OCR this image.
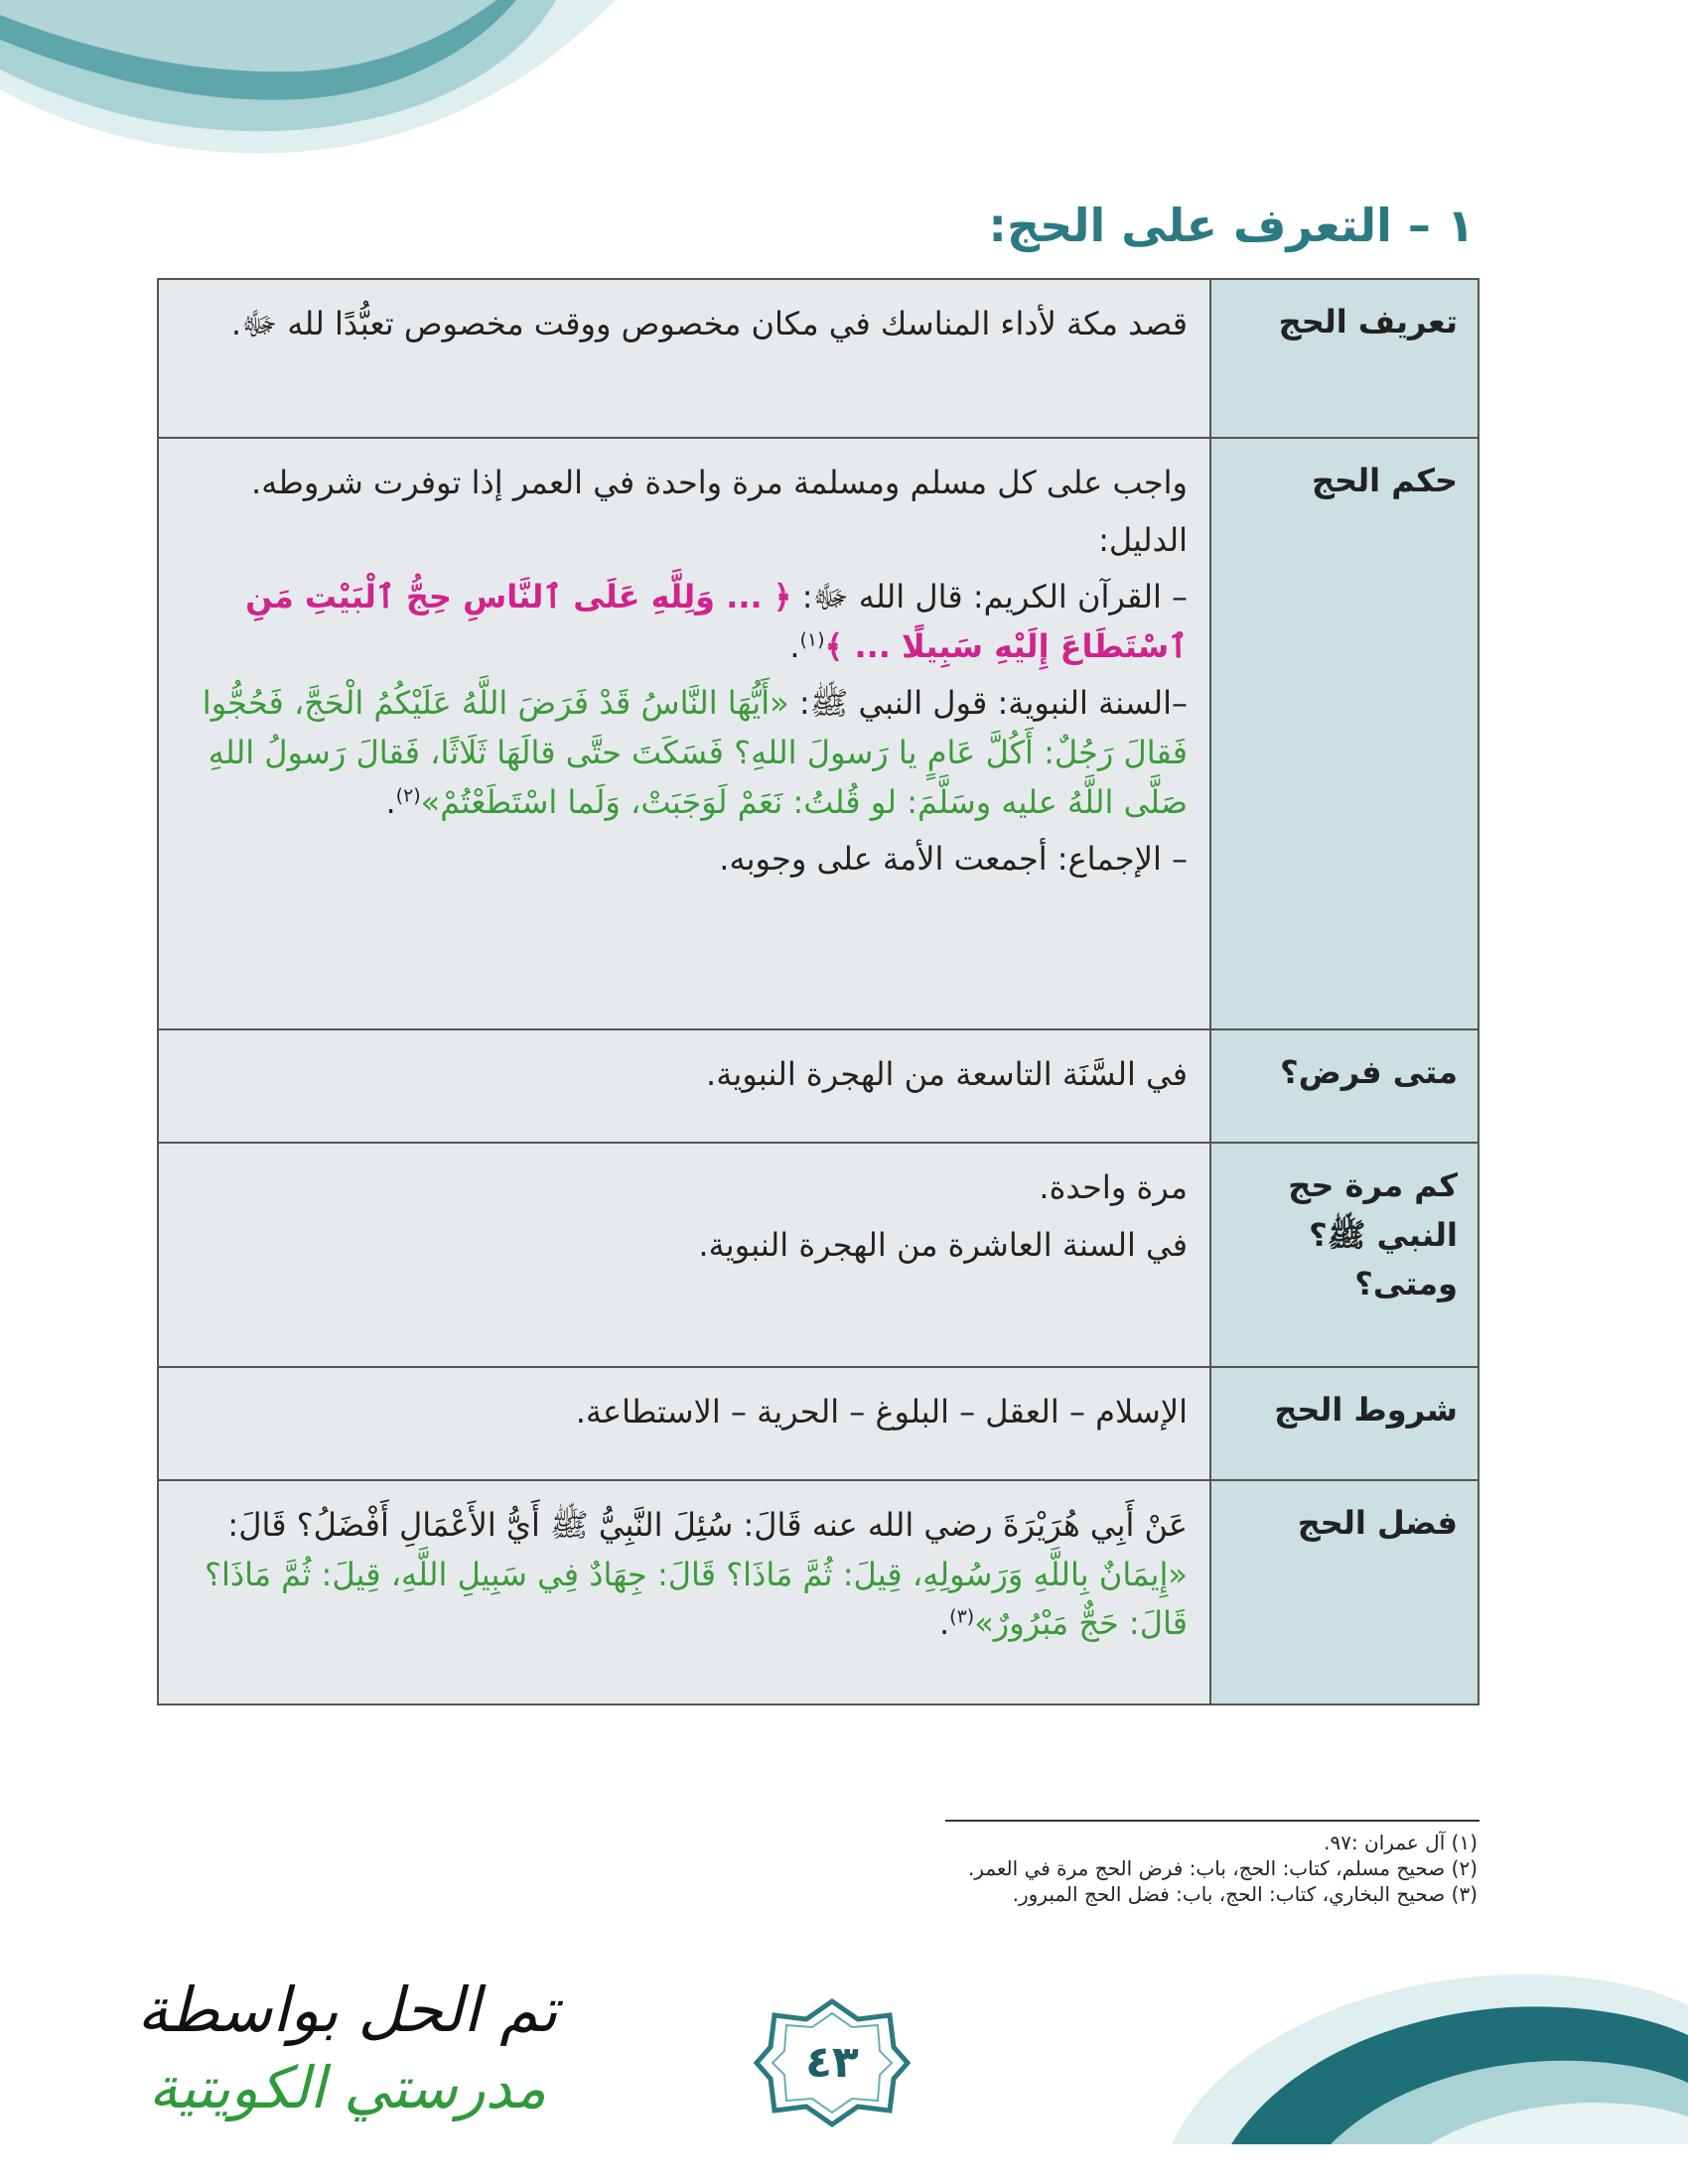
١ – التعرف على الحج:
تعريف الحج	قصد مكة لأداء المناسك في مكان مخصوص ووقت مخصوص تعبُّدًا لله ﷻ.

حكم الحج	واجب على كل مسلم ومسلمة مرة واحدة في العمر إذا توفرت شروطه.
الدليل:
– القرآن الكريم: قال الله ﷻ: ﴿ ... وَلِلَّهِ عَلَى ٱلنَّاسِ حِجُّ ٱلْبَيْتِ مَنِ ٱسْتَطَاعَ إِلَيْهِ سَبِيلًا ... ﴾$^{(١)}$.
–السنة النبوية: قول النبي ﷺ: «أَيُّهَا النَّاسُ قَدْ فَرَضَ اللَّهُ عَلَيْكُمُ الْحَجَّ، فَحُجُّوا فَقالَ رَجُلٌ: أَكُلَّ عَامٍ يا رَسولَ اللهِ؟ فَسَكَتَ حتَّى قالَهَا ثَلَاثًا، فَقالَ رَسولُ اللهِ صَلَّى اللَّهُ عليه وسَلَّمَ: لو قُلتُ: نَعَمْ لَوَجَبَتْ، وَلَما اسْتَطَعْتُمْ»$^{(٢)}$.
– الإجماع: أجمعت الأمة على وجوبه.

متى فرض؟	في السَّنَة التاسعة من الهجرة النبوية.

كم مرة حج النبي ﷺ؟ ومتى؟	مرة واحدة.
في السنة العاشرة من الهجرة النبوية.

شروط الحج	الإسلام – العقل – البلوغ – الحرية – الاستطاعة.

فضل الحج	عَنْ أَبِي هُرَيْرَةَ رضي الله عنه قَالَ: سُئِلَ النَّبِيُّ ﷺ أَيُّ الأَعْمَالِ أَفْضَلُ؟ قَالَ: «إِيمَانٌ بِاللَّهِ وَرَسُولِهِ، قِيلَ: ثُمَّ مَاذَا؟ قَالَ: جِهَادٌ فِي سَبِيلِ اللَّهِ، قِيلَ: ثُمَّ مَاذَا؟ قَالَ: حَجٌّ مَبْرُورٌ»$^{(٣)}$.
(١) آل عمران :٩٧.
(٢) صحيح مسلم، كتاب: الحج، باب: فرض الحج مرة في العمر.
(٣) صحيح البخاري، كتاب: الحج، باب: فضل الحج المبرور.
تم الحل بواسطة
مدرستي الكويتية	٤٣
